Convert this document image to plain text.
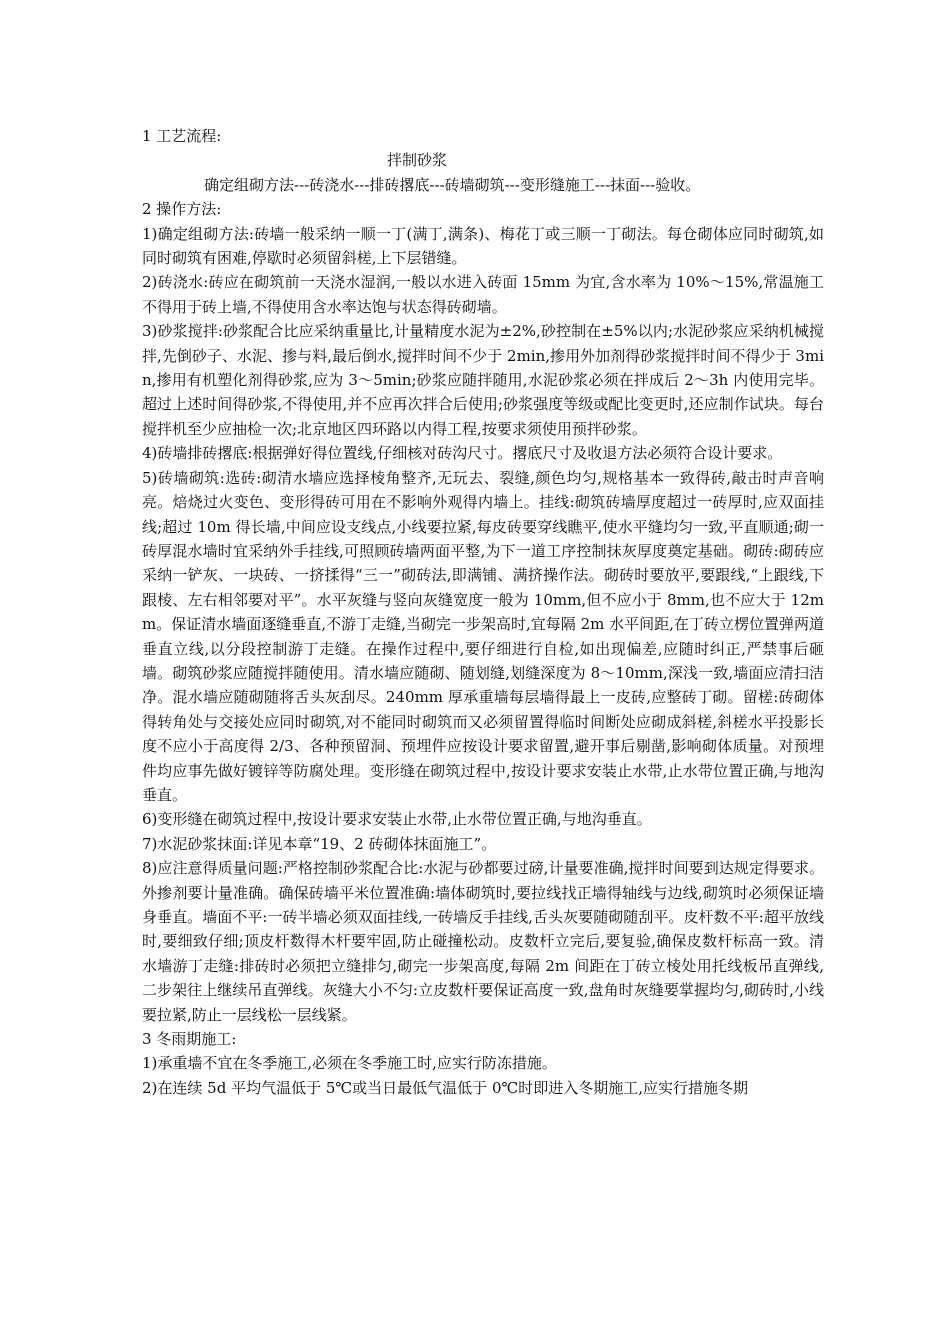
1 工艺流程:

拌制砂浆

确定组砌方法---砖浇水---排砖撂底---砖墙砌筑---变形缝施工---抹面---验收。

2 操作方法:

1)确定组砌方法:砖墙一般采纳一顺一丁(满丁,满条)、梅花丁或三顺一丁砌法。每仓砌体应同时砌筑,如同时砌筑有困难,停歇时必须留斜槎,上下层错缝。

2)砖浇水:砖应在砌筑前一天浇水湿润,一般以水进入砖面 15mm 为宜,含水率为 10%～15%,常温施工不得用于砖上墙,不得使用含水率达饱与状态得砖砌墙。

3)砂浆搅拌:砂浆配合比应采纳重量比,计量精度水泥为±2%,砂控制在±5%以内;水泥砂浆应采纳机械搅拌,先倒砂子、水泥、掺与料,最后倒水,搅拌时间不少于 2min,掺用外加剂得砂浆搅拌时间不得少于 3min,掺用有机塑化剂得砂浆,应为 3～5min;砂浆应随拌随用,水泥砂浆必须在拌成后 2～3h 内使用完毕。超过上述时间得砂浆,不得使用,并不应再次拌合后使用;砂浆强度等级或配比变更时,还应制作试块。每台搅拌机至少应抽检一次;北京地区四环路以内得工程,按要求须使用预拌砂浆。

4)砖墙排砖撂底:根据弹好得位置线,仔细核对砖沟尺寸。撂底尺寸及收退方法必须符合设计要求。

5)砖墙砌筑:选砖:砌清水墙应选择棱角整齐,无玩去、裂缝,颜色均匀,规格基本一致得砖,敲击时声音响亮。焙烧过火变色、变形得砖可用在不影响外观得内墙上。挂线:砌筑砖墙厚度超过一砖厚时,应双面挂线;超过 10m 得长墙,中间应设支线点,小线要拉紧,每皮砖要穿线瞧平,使水平缝均匀一致,平直顺通;砌一砖厚混水墙时宜采纳外手挂线,可照顾砖墙两面平整,为下一道工序控制抹灰厚度奠定基础。砌砖:砌砖应采纳一铲灰、一块砖、一挤揉得“三一”砌砖法,即满铺、满挤操作法。砌砖时要放平,要跟线,“上跟线,下跟棱、左右相邻要对平”。水平灰缝与竖向灰缝宽度一般为 10mm,但不应小于 8mm,也不应大于 12mm。保证清水墙面逐缝垂直,不游丁走缝,当砌完一步架高时,宜每隔 2m 水平间距,在丁砖立楞位置弹两道垂直立线,以分段控制游丁走缝。在操作过程中,要仔细进行自检,如出现偏差,应随时纠正,严禁事后砸墙。砌筑砂浆应随搅拌随使用。清水墙应随砌、随划缝,划缝深度为 8～10mm,深浅一致,墙面应清扫洁净。混水墙应随砌随将舌头灰刮尽。240mm 厚承重墙每层墙得最上一皮砖,应整砖丁砌。留槎:砖砌体得转角处与交接处应同时砌筑,对不能同时砌筑而又必须留置得临时间断处应砌成斜槎,斜槎水平投影长度不应小于高度得 2/3、各种预留洞、预埋件应按设计要求留置,避开事后剔凿,影响砌体质量。对预埋件均应事先做好镀锌等防腐处理。变形缝在砌筑过程中,按设计要求安装止水带,止水带位置正确,与地沟垂直。

6)变形缝在砌筑过程中,按设计要求安装止水带,止水带位置正确,与地沟垂直。

7)水泥砂浆抹面:详见本章“19、2 砖砌体抹面施工”。

8)应注意得质量问题:严格控制砂浆配合比:水泥与砂都要过磅,计量要准确,搅拌时间要到达规定得要求。外掺剂要计量准确。确保砖墙平米位置准确:墙体砌筑时,要拉线找正墙得轴线与边线,砌筑时必须保证墙身垂直。墙面不平:一砖半墙必须双面挂线,一砖墙反手挂线,舌头灰要随砌随刮平。皮杆数不平:超平放线时,要细致仔细;顶皮杆数得木杆要牢固,防止碰撞松动。皮数杆立完后,要复验,确保皮数杆标高一致。清水墙游丁走缝:排砖时必须把立缝排匀,砌完一步架高度,每隔 2m 间距在丁砖立棱处用托线板吊直弹线,二步架往上继续吊直弹线。灰缝大小不匀:立皮数杆要保证高度一致,盘角时灰缝要掌握均匀,砌砖时,小线要拉紧,防止一层线松一层线紧。

3 冬雨期施工:

1)承重墙不宜在冬季施工,必须在冬季施工时,应实行防冻措施。

2)在连续 5d 平均气温低于 5℃或当日最低气温低于 0℃时即进入冬期施工,应实行措施冬期
